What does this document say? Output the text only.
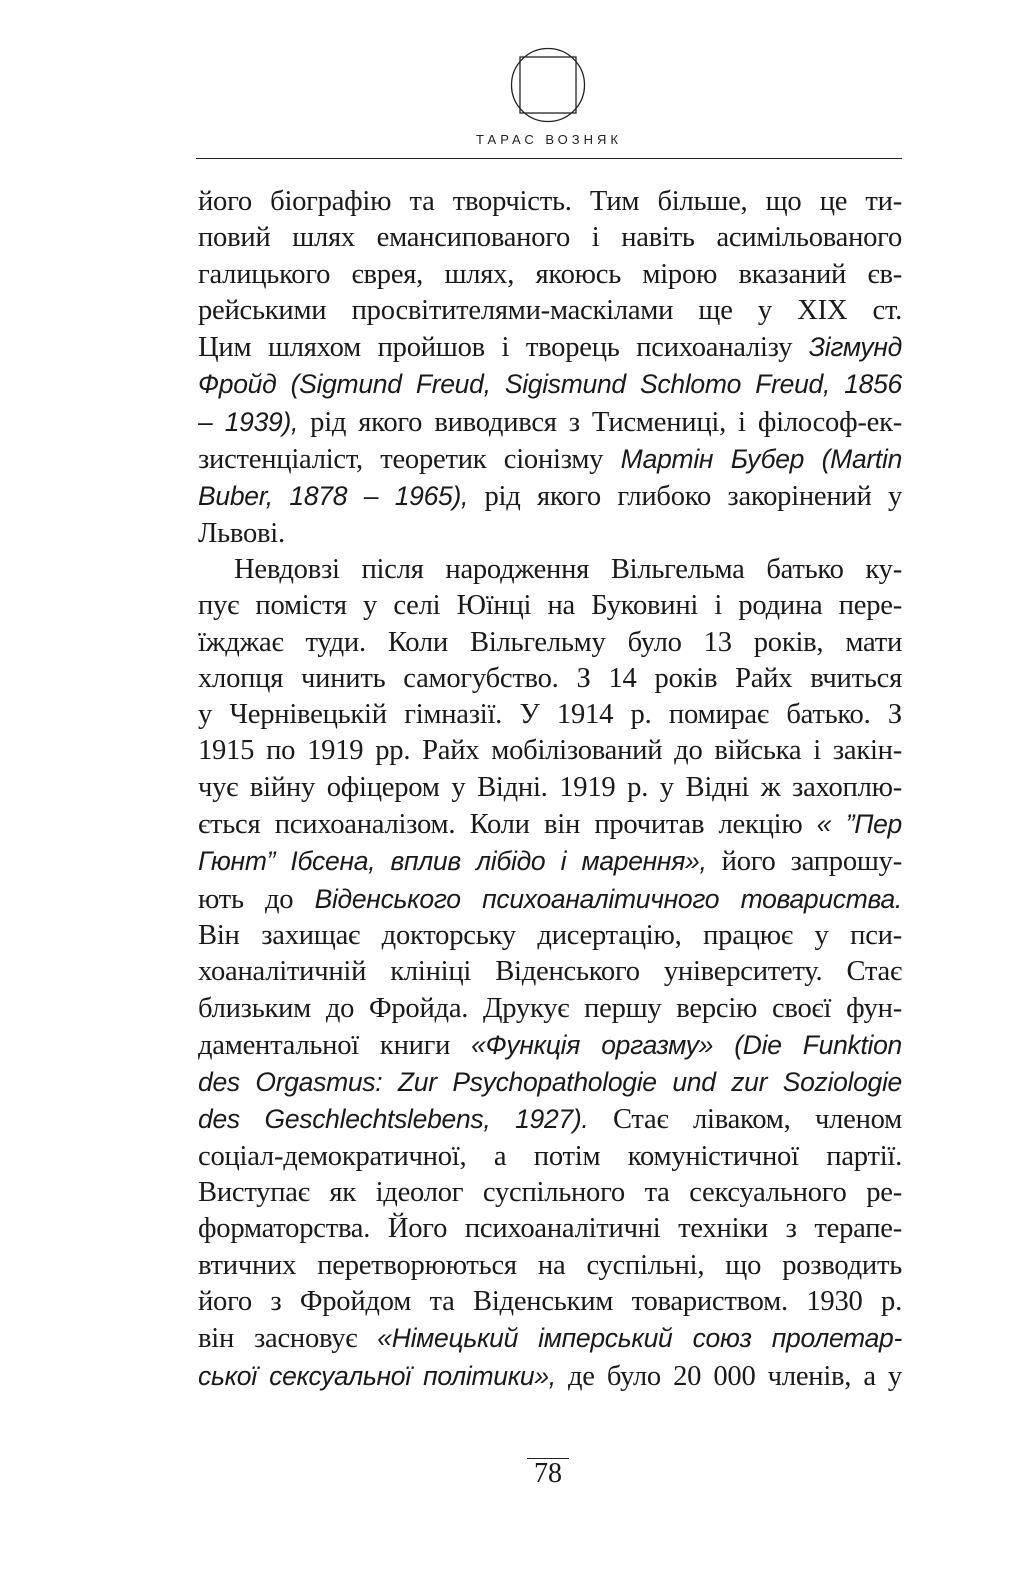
ТАРАС ВОЗНЯК

його біографію та творчість. Тим більше, що це ти-
повий шлях емансипованого і навіть асимільованого
галицького єврея, шлях, якоюсь мірою вказаний єв-
рейськими просвітителями-маскілами ще у XIX ст.
Цим шляхом пройшов і творець психоаналізу Зігмунд
Фройд (Sigmund Freud, Sigismund Schlomo Freud, 1856
– 1939), рід якого виводився з Тисмениці, і філософ-ек-
зистенціаліст, теоретик сіонізму Мартін Бубер (Martin
Buber, 1878 – 1965), рід якого глибоко закорінений у
Львові.

Невдовзі після народження Вільгельма батько ку-
пує помістя у селі Юїнці на Буковині і родина пере-
їжджає туди. Коли Вільгельму було 13 років, мати
хлопця чинить самогубство. З 14 років Райх вчиться
у Чернівецькій гімназії. У 1914 р. помирає батько. З
1915 по 1919 рр. Райх мобілізований до війська і закін-
чує війну офіцером у Відні. 1919 р. у Відні ж захоплю-
ється психоаналізом. Коли він прочитав лекцію « ”Пер
Гюнт” Ібсена, вплив лібідо і марення», його запрошу-
ють до Віденського психоаналітичного товариства.
Він захищає докторську дисертацію, працює у пси-
хоаналітичній клініці Віденського університету. Стає
близьким до Фройда. Друкує першу версію своєї фун-
даментальної книги «Функція оргазму» (Die Funktion
des Orgasmus: Zur Psychopathologie und zur Soziologie
des Geschlechtslebens, 1927). Стає ліваком, членом
соціал-демократичної, а потім комуністичної партії.
Виступає як ідеолог суспільного та сексуального ре-
форматорства. Його психоаналітичні техніки з терапе-
втичних перетворюються на суспільні, що розводить
його з Фройдом та Віденським товариством. 1930 р.
він засновує «Німецький імперський союз пролетар-
ської сексуальної політики», де було 20 000 членів, а у

78
